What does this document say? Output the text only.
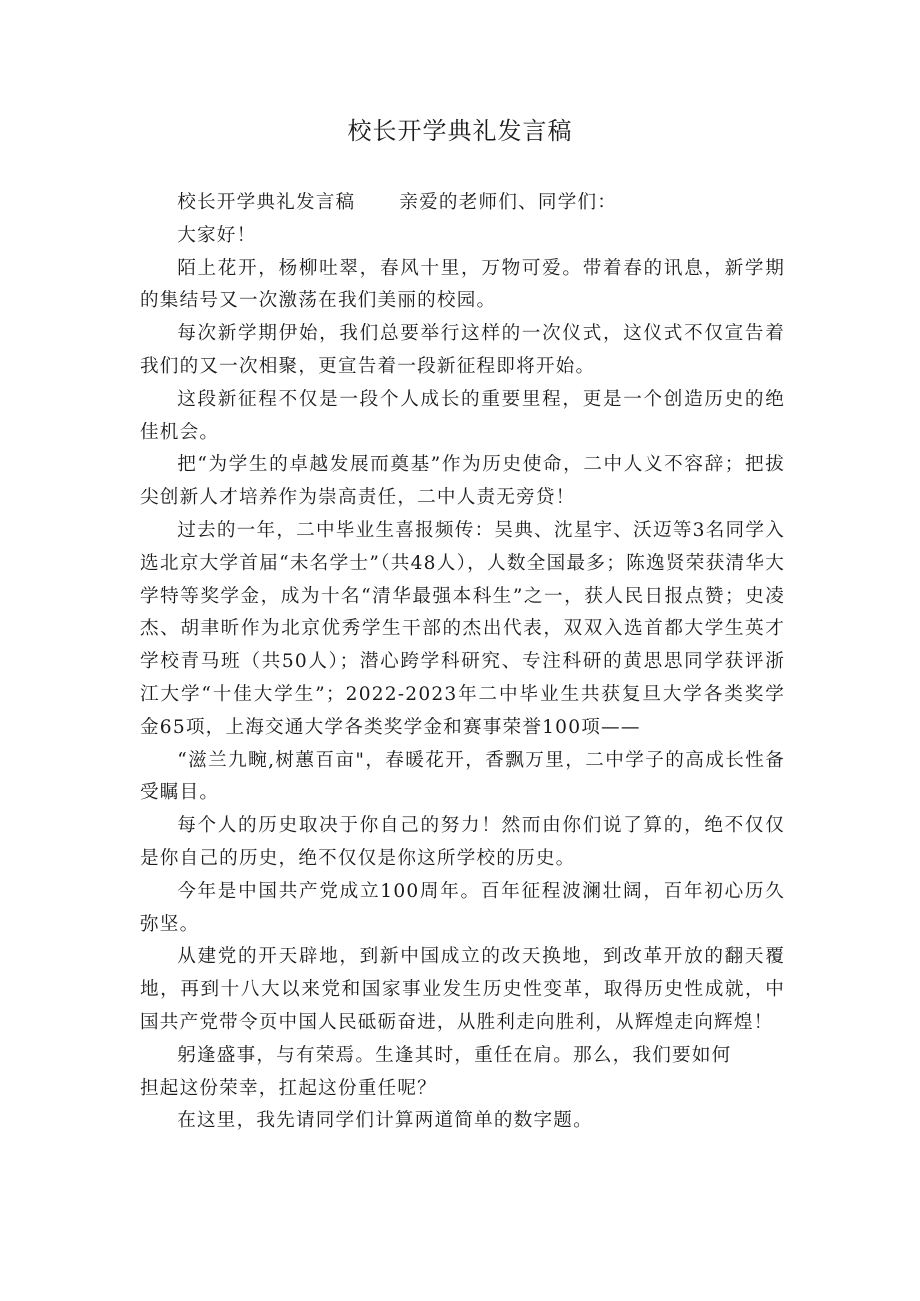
校长开学典礼发言稿

校长开学典礼发言稿 亲爱的老师们、同学们：

大家好！

陌上花开，杨柳吐翠，春风十里，万物可爱。带着春的讯息，新学期的集结号又一次激荡在我们美丽的校园。

每次新学期伊始，我们总要举行这样的一次仪式，这仪式不仅宣告着我们的又一次相聚，更宣告着一段新征程即将开始。

这段新征程不仅是一段个人成长的重要里程，更是一个创造历史的绝佳机会。

把“为学生的卓越发展而奠基”作为历史使命，二中人义不容辞；把拔尖创新人才培养作为崇高责任，二中人责无旁贷！

过去的一年，二中毕业生喜报频传：吴典、沈星宇、沃迈等3名同学入选北京大学首届“未名学士”（共48人），人数全国最多；陈逸贤荣获清华大学特等奖学金，成为十名“清华最强本科生”之一，获人民日报点赞；史凌杰、胡聿昕作为北京优秀学生干部的杰出代表，双双入选首都大学生英才学校青马班（共50人）；潜心跨学科研究、专注科研的黄思思同学获评浙江大学“十佳大学生”；2022-2023年二中毕业生共获复旦大学各类奖学金65项，上海交通大学各类奖学金和赛事荣誉100项——

“滋兰九畹,树蕙百亩"，春暖花开，香飘万里，二中学子的高成长性备受瞩目。

每个人的历史取决于你自己的努力！然而由你们说了算的，绝不仅仅是你自己的历史，绝不仅仅是你这所学校的历史。

今年是中国共产党成立100周年。百年征程波澜壮阔，百年初心历久弥坚。

从建党的开天辟地，到新中国成立的改天换地，到改革开放的翻天覆地，再到十八大以来党和国家事业发生历史性变革，取得历史性成就，中国共产党带令页中国人民砥砺奋进，从胜利走向胜利，从辉煌走向辉煌！

躬逢盛事，与有荣焉。生逢其时，重任在肩。那么，我们要如何

担起这份荣幸，扛起这份重任呢？

在这里，我先请同学们计算两道简单的数字题。
